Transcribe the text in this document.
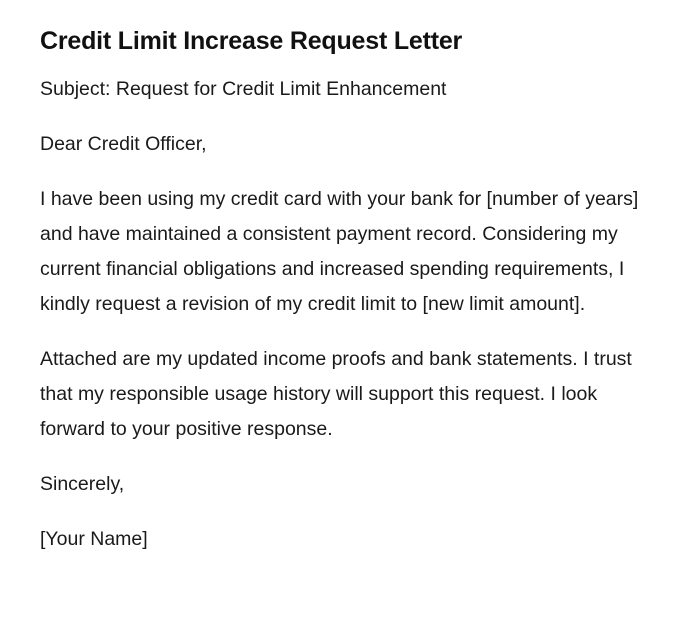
Credit Limit Increase Request Letter

Subject: Request for Credit Limit Enhancement

Dear Credit Officer,

I have been using my credit card with your bank for [number of years] and have maintained a consistent payment record. Considering my current financial obligations and increased spending requirements, I kindly request a revision of my credit limit to [new limit amount].

Attached are my updated income proofs and bank statements. I trust that my responsible usage history will support this request. I look forward to your positive response.

Sincerely,

[Your Name]
